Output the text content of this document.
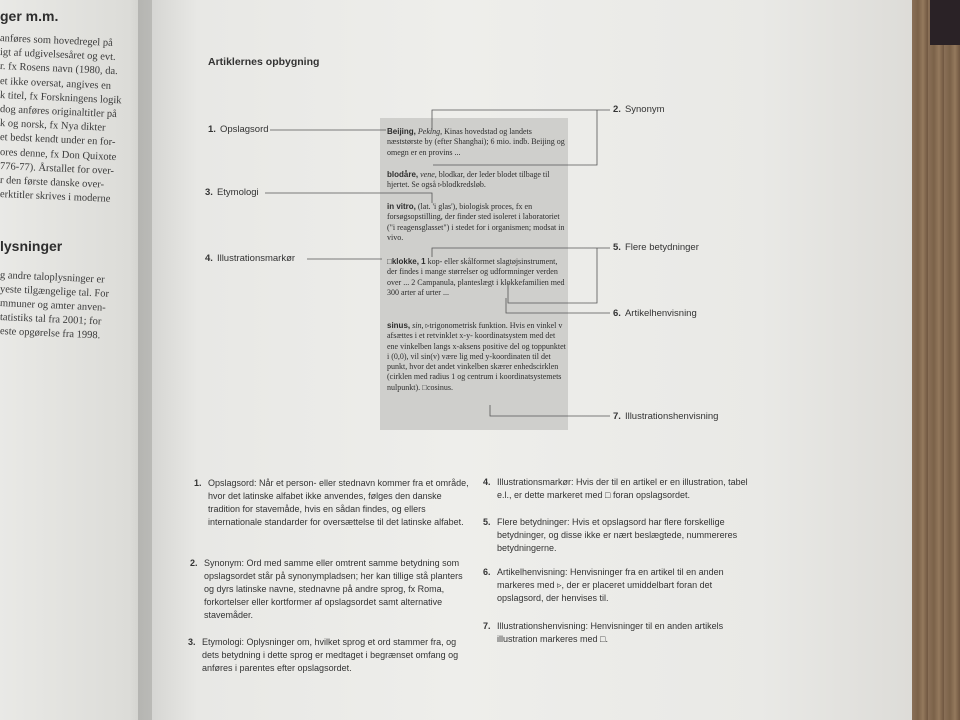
ger m.m.
anføres som hovedregel på
igt af udgivelsesåret og evt.
r. fx Rosens navn (1980, da.
et ikke oversat, angives en
k titel, fx Forskningens logik
dog anføres originaltitler på
k og norsk, fx Nya dikter
et bedst kendt under en for-
ores denne, fx Don Quixote
776-77). Årstallet for over-
r den første danske over-
erktitler skrives i moderne
lysninger
g andre taloplysninger er
yeste tilgængelige tal. For
mmuner og amter anven-
tatistiks tal fra 2001; for
este opgørelse fra 1998.
Artiklernes opbygning
Beijing, Peking, Kinas hovedstad og landets næststørste by (efter Shanghai); 6 mio. indb. Beijing og omegn er en provins ...
blodåre, vene, blodkar, der leder blodet tilbage til hjertet. Se også ▹blodkredsløb.
in vitro, (lat. 'i glas'), biologisk proces, fx en forsøgsopstilling, der finder sted isoleret i laboratoriet ("i reagensglasset") i stedet for i organismen; modsat in vivo.
□klokke, 1 kop- eller skålformet slagtøjsinstrument, der findes i mange størrelser og udformninger verden over ... 2 Campanula, planteslægt i klokkefamilien med 300 arter af urter ...
sinus, sin, ▹trigonometrisk funktion. Hvis en vinkel v afsættes i et retvinklet x-y- koordinatsystem med det ene vinkelben langs x-aksens positive del og toppunktet i (0,0), vil sin(v) være lig med y-koordinaten til det punkt, hvor det andet vinkelben skærer enhedscirklen (cirklen med radius 1 og centrum i koordinatsystemets nulpunkt). □cosinus.
1. Opslagsord
2. Synonym
3. Etymologi
4. Illustrationsmarkør
5. Flere betydninger
6. Artikelhenvisning
7. Illustrationshenvisning
1. Opslagsord: Når et person- eller stednavn kommer fra et område, hvor det latinske alfabet ikke anvendes, følges den danske tradition for stavemåde, hvis en sådan findes, og ellers internationale standarder for oversættelse til det latinske alfabet.
2. Synonym: Ord med samme eller omtrent samme betydning som opslagsordet står på synonympladsen; her kan tillige stå planters og dyrs latinske navne, stednavne på andre sprog, fx Roma, forkortelser eller kortformer af opslagsordet samt alternative stavemåder.
3. Etymologi: Oplysninger om, hvilket sprog et ord stammer fra, og dets betydning i dette sprog er medtaget i begrænset omfang og anføres i parentes efter opslagsordet.
4. Illustrationsmarkør: Hvis der til en artikel er en illustration, tabel e.l., er dette markeret med □ foran opslagsordet.
5. Flere betydninger: Hvis et opslagsord har flere forskellige betydninger, og disse ikke er nært beslægtede, nummereres betydningerne.
6. Artikelhenvisning: Henvisninger fra en artikel til en anden markeres med ▹, der er placeret umiddelbart foran det opslagsord, der henvises til.
7. Illustrationshenvisning: Henvisninger til en anden artikels illustration markeres med □.
